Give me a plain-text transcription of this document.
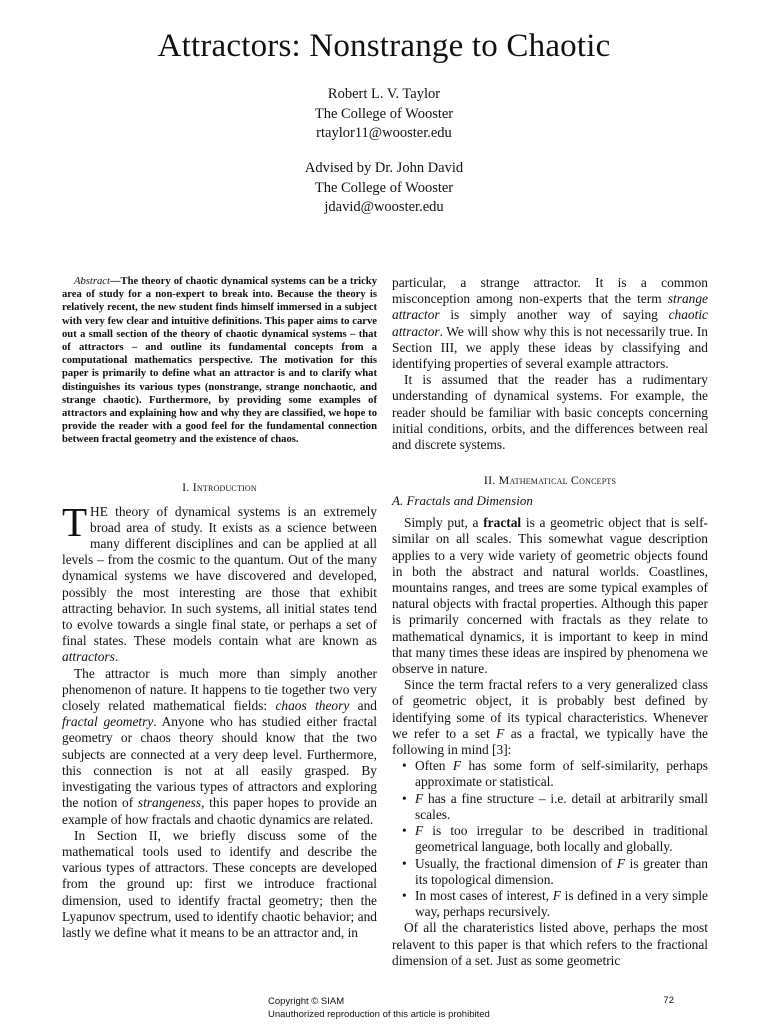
Attractors: Nonstrange to Chaotic
Robert L. V. Taylor
The College of Wooster
rtaylor11@wooster.edu
Advised by Dr. John David
The College of Wooster
jdavid@wooster.edu

Abstract—The theory of chaotic dynamical systems can be a tricky area of study for a non-expert to break into. Because the theory is relatively recent, the new student finds himself immersed in a subject with very few clear and intuitive definitions. This paper aims to carve out a small section of the theory of chaotic dynamical systems – that of attractors – and outline its fundamental concepts from a computational mathematics perspective. The motivation for this paper is primarily to define what an attractor is and to clarify what distinguishes its various types (nonstrange, strange nonchaotic, and strange chaotic). Furthermore, by providing some examples of attractors and explaining how and why they are classified, we hope to provide the reader with a good feel for the fundamental connection between fractal geometry and the existence of chaos.

I. Introduction

THE theory of dynamical systems is an extremely broad area of study. It exists as a science between many different disciplines and can be applied at all levels – from the cosmic to the quantum. Out of the many dynamical systems we have discovered and developed, possibly the most interesting are those that exhibit attracting behavior. In such systems, all initial states tend to evolve towards a single final state, or perhaps a set of final states. These models contain what are known as attractors.

The attractor is much more than simply another phenomenon of nature. It happens to tie together two very closely related mathematical fields: chaos theory and fractal geometry. Anyone who has studied either fractal geometry or chaos theory should know that the two subjects are connected at a very deep level. Furthermore, this connection is not at all easily grasped. By investigating the various types of attractors and exploring the notion of strangeness, this paper hopes to provide an example of how fractals and chaotic dynamics are related.

In Section II, we briefly discuss some of the mathematical tools used to identify and describe the various types of attractors. These concepts are developed from the ground up: first we introduce fractional dimension, used to identify fractal geometry; then the Lyapunov spectrum, used to identify chaotic behavior; and lastly we define what it means to be an attractor and, in

particular, a strange attractor. It is a common misconception among non-experts that the term strange attractor is simply another way of saying chaotic attractor. We will show why this is not necessarily true. In Section III, we apply these ideas by classifying and identifying properties of several example attractors.

It is assumed that the reader has a rudimentary understanding of dynamical systems. For example, the reader should be familiar with basic concepts concerning initial conditions, orbits, and the differences between real and discrete systems.

II. Mathematical Concepts

A. Fractals and Dimension

Simply put, a fractal is a geometric object that is self-similar on all scales. This somewhat vague description applies to a very wide variety of geometric objects found in both the abstract and natural worlds. Coastlines, mountains ranges, and trees are some typical examples of natural objects with fractal properties. Although this paper is primarily concerned with fractals as they relate to mathematical dynamics, it is important to keep in mind that many times these ideas are inspired by phenomena we observe in nature.

Since the term fractal refers to a very generalized class of geometric object, it is probably best defined by identifying some of its typical characteristics. Whenever we refer to a set F as a fractal, we typically have the following in mind [3]:

• Often F has some form of self-similarity, perhaps approximate or statistical.
• F has a fine structure – i.e. detail at arbitrarily small scales.
• F is too irregular to be described in traditional geometrical language, both locally and globally.
• Usually, the fractional dimension of F is greater than its topological dimension.
• In most cases of interest, F is defined in a very simple way, perhaps recursively.

Of all the charateristics listed above, perhaps the most relavent to this paper is that which refers to the fractional dimension of a set. Just as some geometric

Copyright © SIAM
Unauthorized reproduction of this article is prohibited
72
